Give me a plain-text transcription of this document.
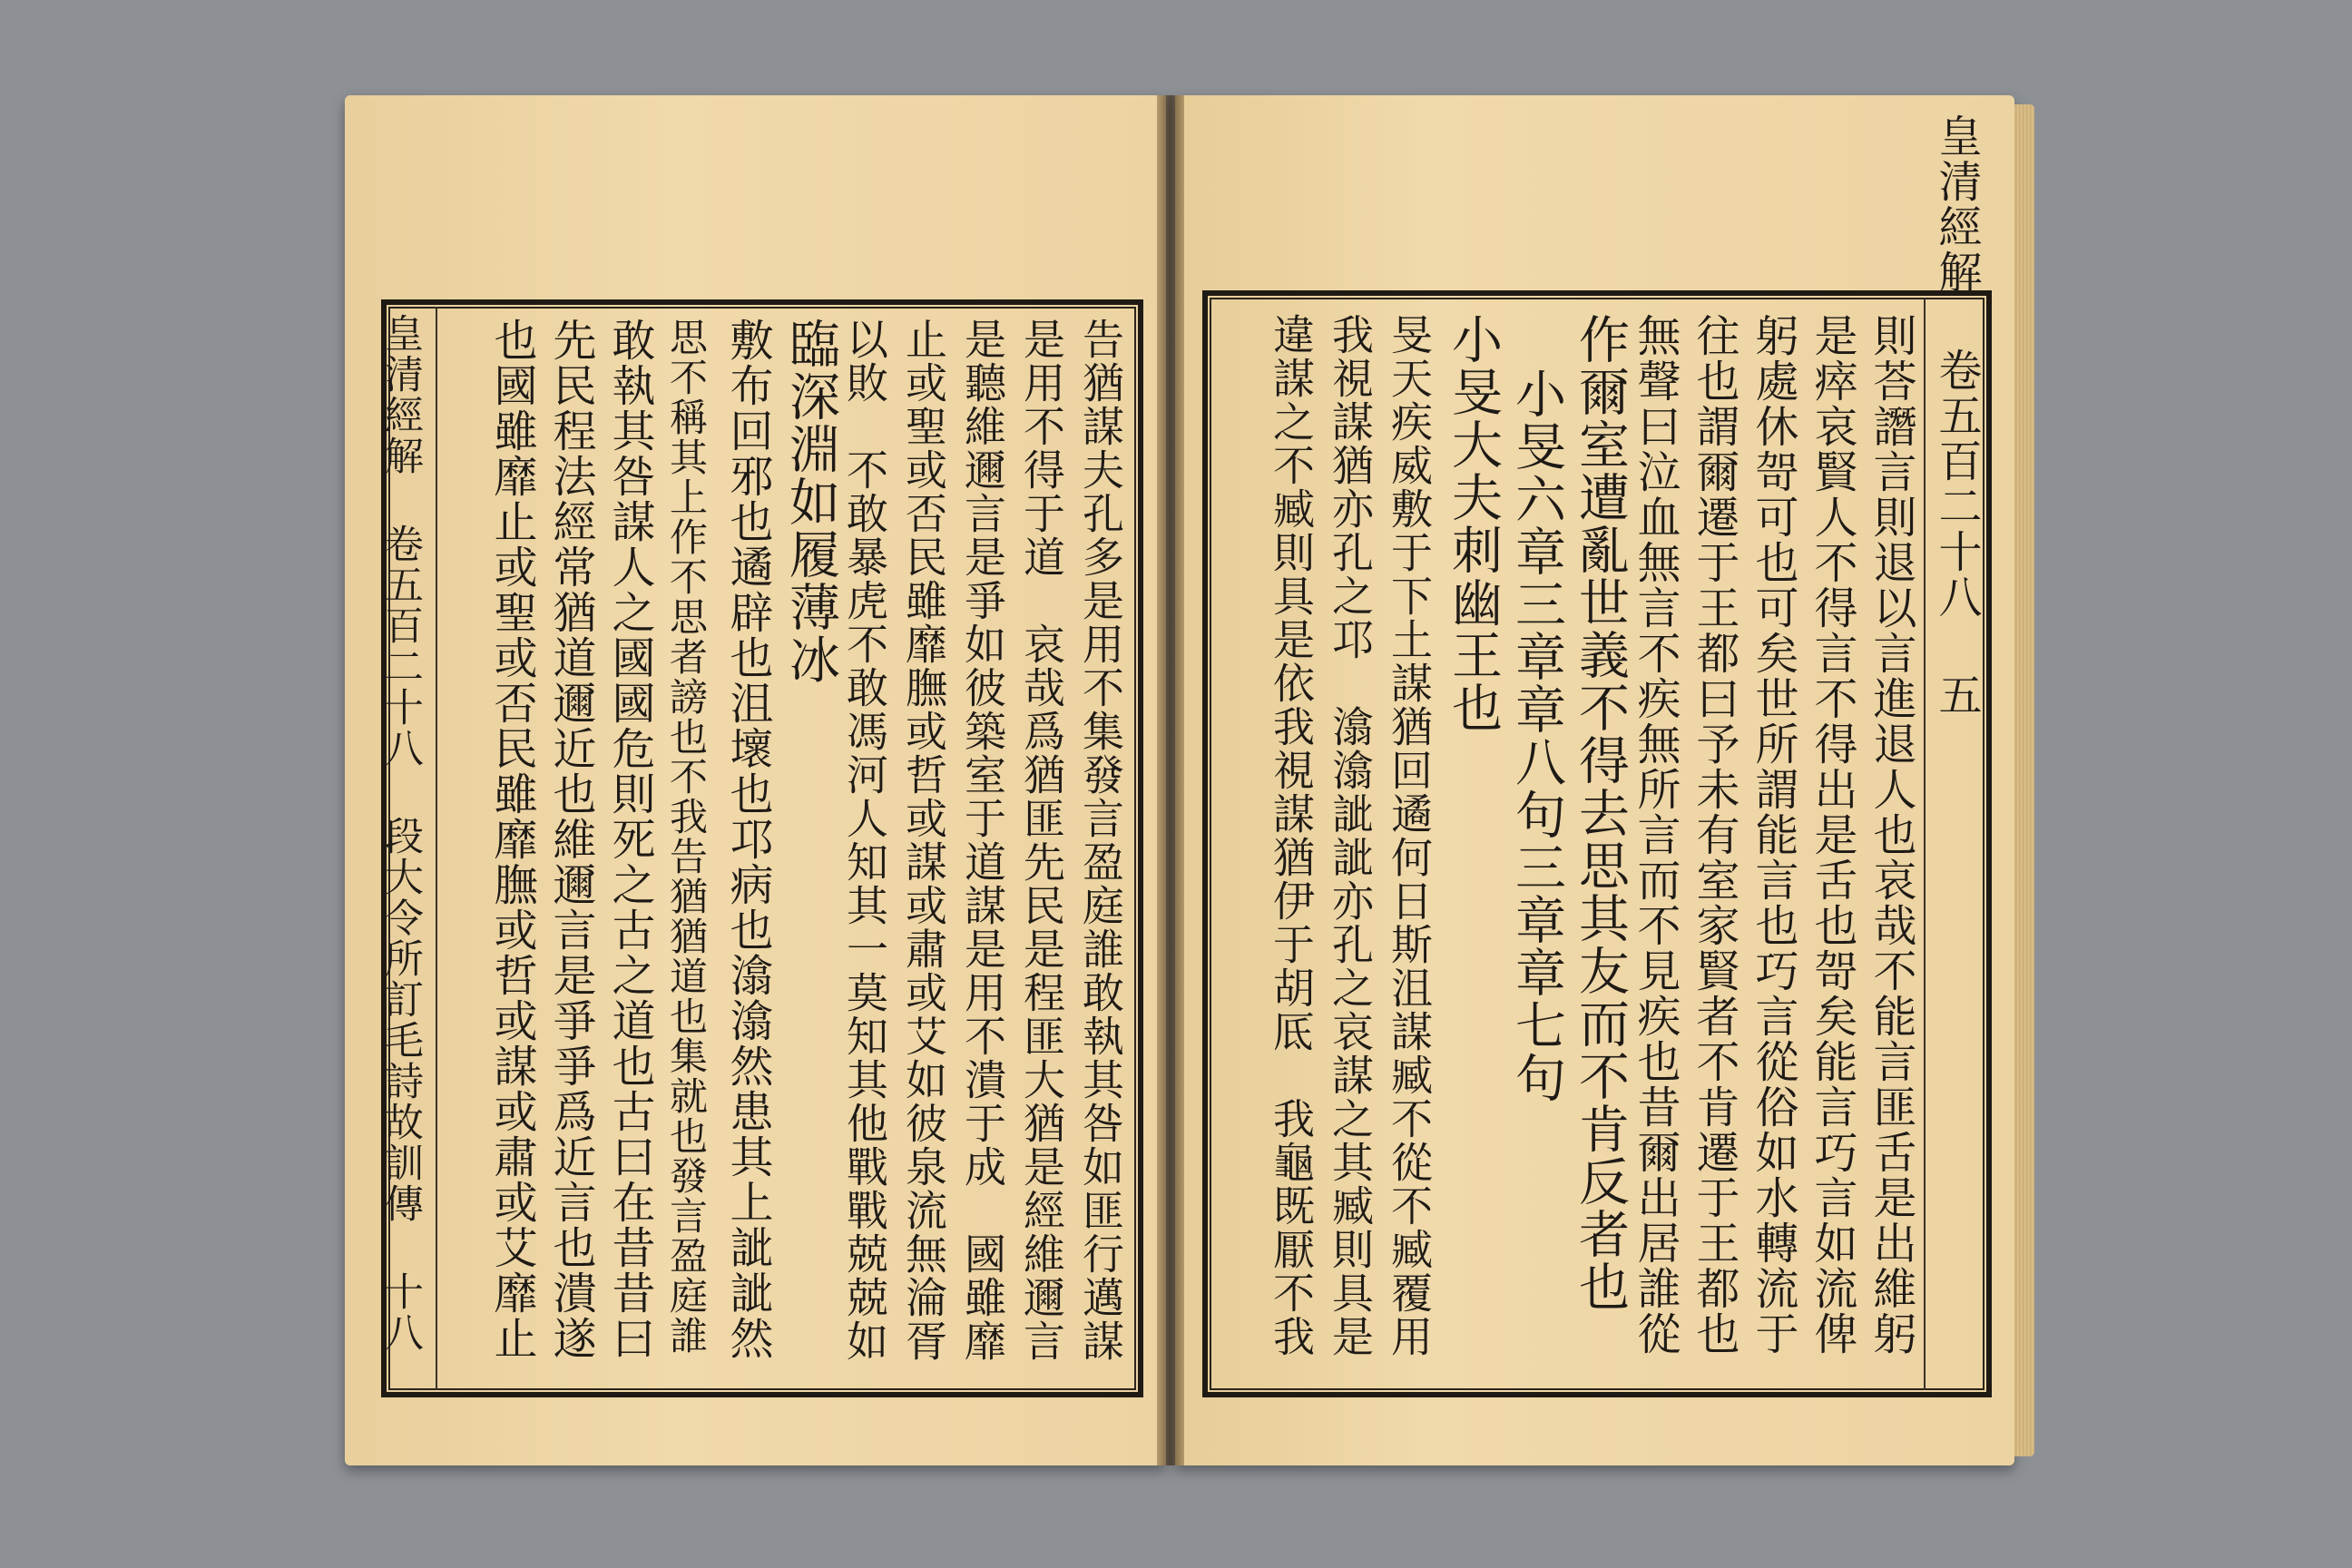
皇清經解 卷五百二十八 段大令所訂毛詩故訓傳 十八	告猶謀夫孔多是用不集發言盈庭誰敢執其咎如匪行邁謀
是用不得于道　哀哉爲猶匪先民是程匪大猶是經維邇言
是聽維邇言是爭如彼築室于道謀是用不潰于成　國雖靡
止或聖或否民雖靡膴或哲或謀或肅或艾如彼泉流無淪胥
以敗　不敢暴虎不敢馮河人知其一莫知其他戰戰兢兢如
臨深淵如履薄冰
敷布回邪也遹辟也沮壞也邛病也潝潝然患其上訿訿然
思不稱其上作不思者謗也不我告猶猶道也集就也發言盈庭誰
敢執其咎謀人之國國危則死之古之道也古曰在昔昔曰
先民程法經常猶道邇近也維邇言是爭爭爲近言也潰遂
也國雖靡止或聖或否民雖靡膴或哲或謀或肅或艾靡止	皇清經解 卷五百二十八 五
則荅譖言則退以言進退人也哀哉不能言匪舌是出維躬
是瘁哀賢人不得言不得出是舌也哿矣能言巧言如流俾
躬處休哿可也可矣世所謂能言也巧言從俗如水轉流于
往也謂爾遷于王都曰予未有室家賢者不肯遷于王都也
無聲曰泣血無言不疾無所言而不見疾也昔爾出居誰從
作爾室遭亂世義不得去思其友而不肯反者也
小旻六章三章章八句三章章七句
小旻大夫刺幽王也
旻天疾威敷于下土謀猶回遹何日斯沮謀臧不從不臧覆用
我視謀猶亦孔之邛　潝潝訿訿亦孔之哀謀之其臧則具是
違謀之不臧則具是依我視謀猶伊于胡厎　我龜既厭不我
